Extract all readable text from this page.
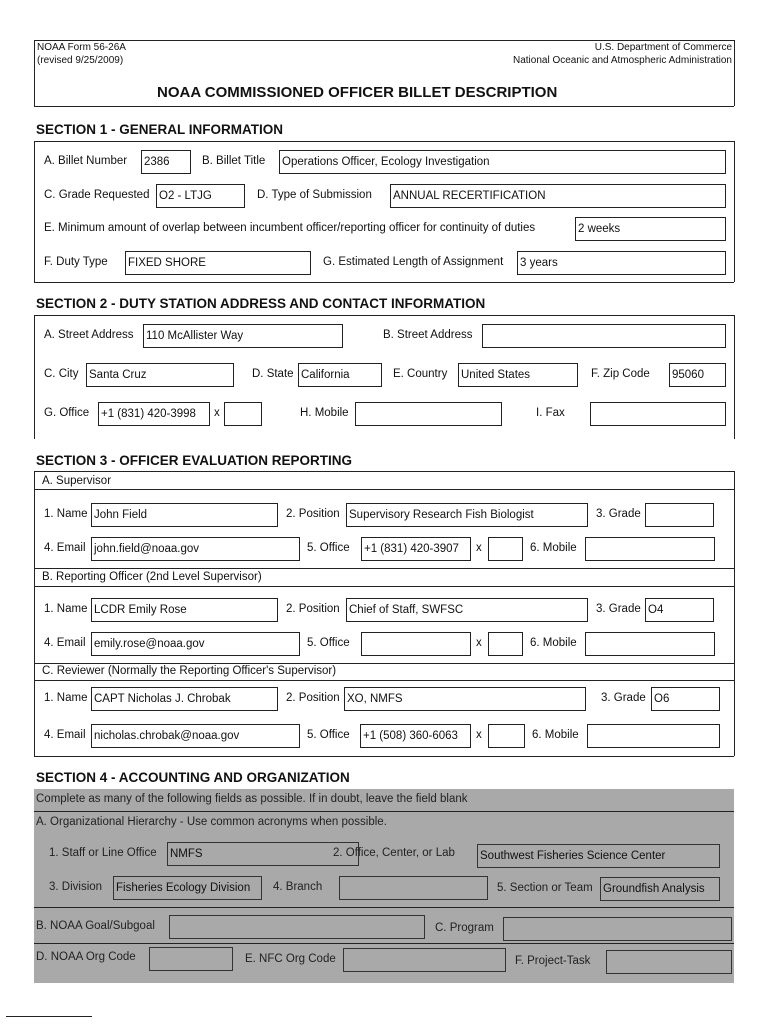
NOAA Form 56-26A
(revised 9/25/2009)
U.S. Department of Commerce
National Oceanic and Atmospheric Administration
NOAA COMMISSIONED OFFICER BILLET DESCRIPTION
SECTION 1 - GENERAL INFORMATION
A. Billet Number 2386	B. Billet Title Operations Officer, Ecology Investigation
C. Grade Requested O2 - LTJG	D. Type of Submission ANNUAL RECERTIFICATION
E. Minimum amount of overlap between incumbent officer/reporting officer for continuity of duties	2 weeks
F. Duty Type FIXED SHORE	G. Estimated Length of Assignment 3 years
SECTION 2 - DUTY STATION ADDRESS AND CONTACT INFORMATION
A. Street Address 110 McAllister Way	B. Street Address
C. City Santa Cruz	D. State California	E. Country United States	F. Zip Code 95060
G. Office +1 (831) 420-3998	x	H. Mobile	I. Fax
SECTION 3 - OFFICER EVALUATION REPORTING
A. Supervisor
1. Name John Field	2. Position Supervisory Research Fish Biologist	3. Grade
4. Email john.field@noaa.gov	5. Office +1 (831) 420-3907	x	6. Mobile
B. Reporting Officer (2nd Level Supervisor)
1. Name LCDR Emily Rose	2. Position Chief of Staff, SWFSC	3. Grade O4
4. Email emily.rose@noaa.gov	5. Office	x	6. Mobile
C. Reviewer (Normally the Reporting Officer's Supervisor)
1. Name CAPT Nicholas J. Chrobak	2. Position XO, NMFS	3. Grade O6
4. Email nicholas.chrobak@noaa.gov	5. Office +1 (508) 360-6063	x	6. Mobile
SECTION 4 - ACCOUNTING AND ORGANIZATION
Complete as many of the following fields as possible. If in doubt, leave the field blank
A. Organizational Hierarchy - Use common acronyms when possible.
1. Staff or Line Office NMFS	2. Office, Center, or Lab Southwest Fisheries Science Center
3. Division Fisheries Ecology Division	4. Branch	5. Section or Team Groundfish Analysis
B. NOAA Goal/Subgoal	C. Program
D. NOAA Org Code	E. NFC Org Code	F. Project-Task
